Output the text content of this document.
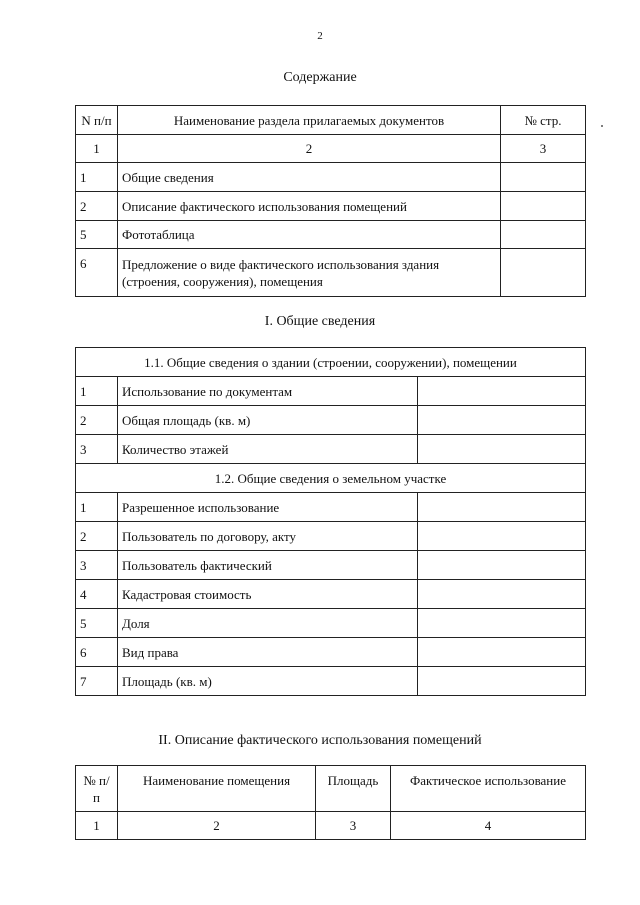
2
Содержание
N п/п	Наименование раздела прилагаемых документов	№ стр.
1	2	3
1	Общие сведения	
2	Описание фактического использования помещений	
5	Фототаблица	
6	Предложение о виде фактического использования здания (строения, сооружения), помещения	
I. Общие сведения
1.1. Общие сведения о здании (строении, сооружении), помещении		
1	Использование по документам	
2	Общая площадь (кв. м)	
3	Количество этажей	
1.2. Общие сведения о земельном участке		
1	Разрешенное использование	
2	Пользователь по договору, акту	
3	Пользователь фактический	
4	Кадастровая стоимость	
5	Доля	
6	Вид права	
7	Площадь (кв. м)	
II. Описание фактического использования помещений
№ п/п	Наименование помещения	Площадь	Фактическое использование
1	2	3	4
